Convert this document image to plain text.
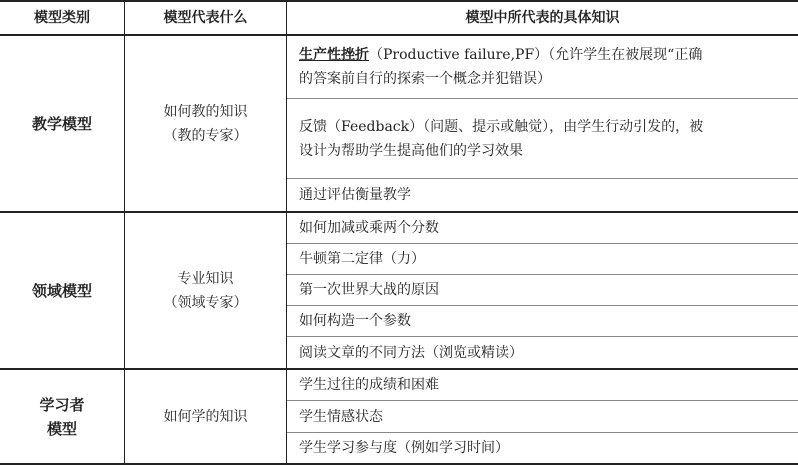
模型类别	模型代表什么	模型中所代表的具体知识
教学模型
如何教的知识
（教的专家）
生产性挫折（Productive failure,PF）（允许学生在被展现“正确
的答案前自行的探索一个概念并犯错误）
反馈（Feedback）（问题、提示或触觉），由学生行动引发的，被
设计为帮助学生提高他们的学习效果
通过评估衡量教学
领域模型
专业知识
（领域专家）
如何加减或乘两个分数
牛顿第二定律（力）
第一次世界大战的原因
如何构造一个参数
阅读文章的不同方法（浏览或精读）
学习者
模型
如何学的知识
学生过往的成绩和困难
学生情感状态
学生学习参与度（例如学习时间）
